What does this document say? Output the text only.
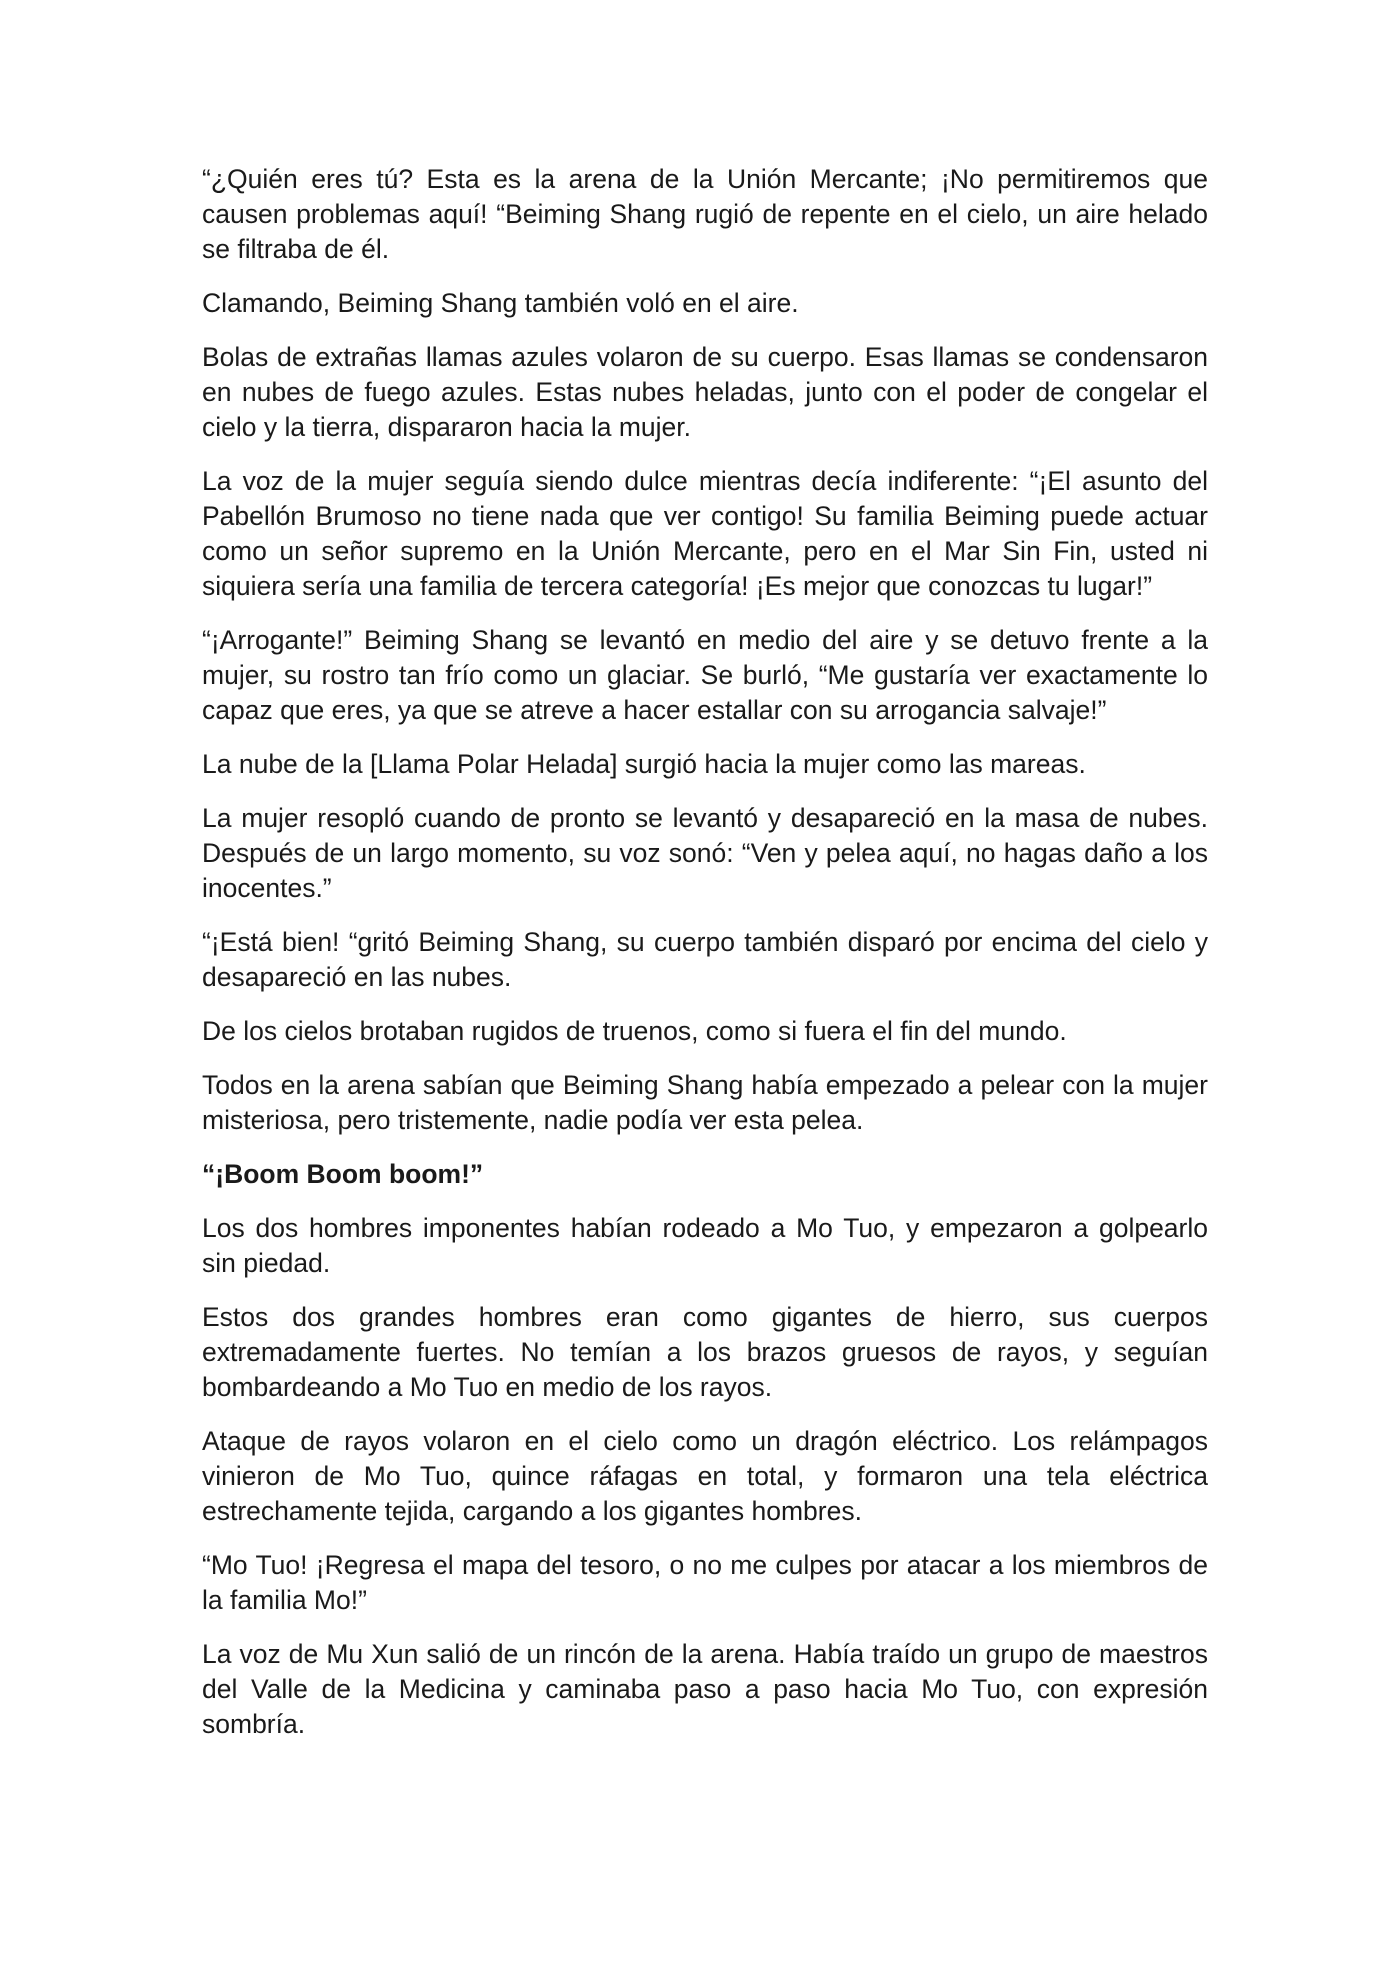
“¿Quién eres tú? Esta es la arena de la Unión Mercante; ¡No permitiremos que causen problemas aquí! “Beiming Shang rugió de repente en el cielo, un aire helado se filtraba de él.

Clamando, Beiming Shang también voló en el aire.

Bolas de extrañas llamas azules volaron de su cuerpo. Esas llamas se condensaron en nubes de fuego azules. Estas nubes heladas, junto con el poder de congelar el cielo y la tierra, dispararon hacia la mujer.

La voz de la mujer seguía siendo dulce mientras decía indiferente: “¡El asunto del Pabellón Brumoso no tiene nada que ver contigo! Su familia Beiming puede actuar como un señor supremo en la Unión Mercante, pero en el Mar Sin Fin, usted ni siquiera sería una familia de tercera categoría! ¡Es mejor que conozcas tu lugar!”

“¡Arrogante!” Beiming Shang se levantó en medio del aire y se detuvo frente a la mujer, su rostro tan frío como un glaciar. Se burló, “Me gustaría ver exactamente lo capaz que eres, ya que se atreve a hacer estallar con su arrogancia salvaje!”

La nube de la [Llama Polar Helada] surgió hacia la mujer como las mareas.

La mujer resopló cuando de pronto se levantó y desapareció en la masa de nubes. Después de un largo momento, su voz sonó: “Ven y pelea aquí, no hagas daño a los inocentes.”

“¡Está bien! “gritó Beiming Shang, su cuerpo también disparó por encima del cielo y desapareció en las nubes.

De los cielos brotaban rugidos de truenos, como si fuera el fin del mundo.

Todos en la arena sabían que Beiming Shang había empezado a pelear con la mujer misteriosa, pero tristemente, nadie podía ver esta pelea.

“¡Boom Boom boom!”

Los dos hombres imponentes habían rodeado a Mo Tuo, y empezaron a golpearlo sin piedad.

Estos dos grandes hombres eran como gigantes de hierro, sus cuerpos extremadamente fuertes. No temían a los brazos gruesos de rayos, y seguían bombardeando a Mo Tuo en medio de los rayos.

Ataque de rayos volaron en el cielo como un dragón eléctrico. Los relámpagos vinieron de Mo Tuo, quince ráfagas en total, y formaron una tela eléctrica estrechamente tejida, cargando a los gigantes hombres.

“Mo Tuo! ¡Regresa el mapa del tesoro, o no me culpes por atacar a los miembros de la familia Mo!”

La voz de Mu Xun salió de un rincón de la arena. Había traído un grupo de maestros del Valle de la Medicina y caminaba paso a paso hacia Mo Tuo, con expresión sombría.
